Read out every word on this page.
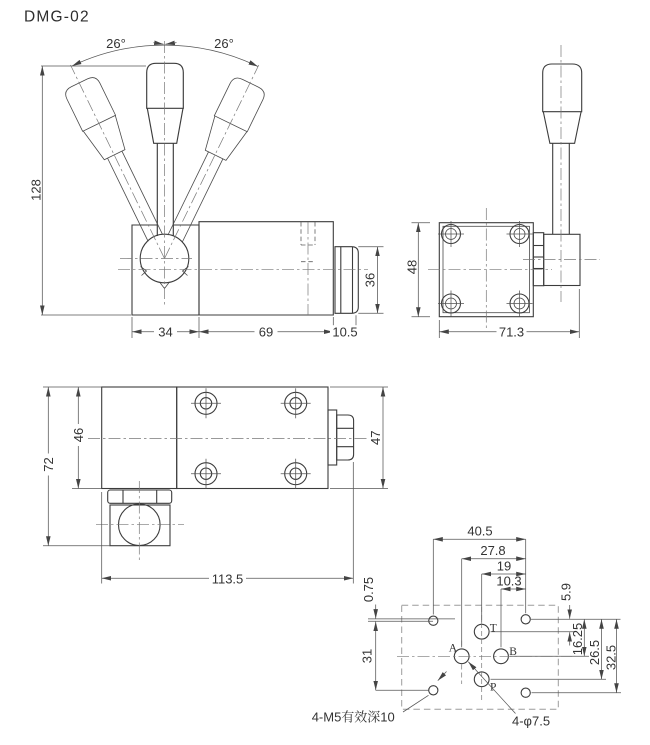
DMG-02
26°	26°
128
34	69	10.5
36
48
71.3
72
46	47
113.5
40.5
27.8
19
10.3
5.9
16.25 26.5 32.5
0.75
31
T
A	B
P
4-M5有效深10	4-φ7.5
